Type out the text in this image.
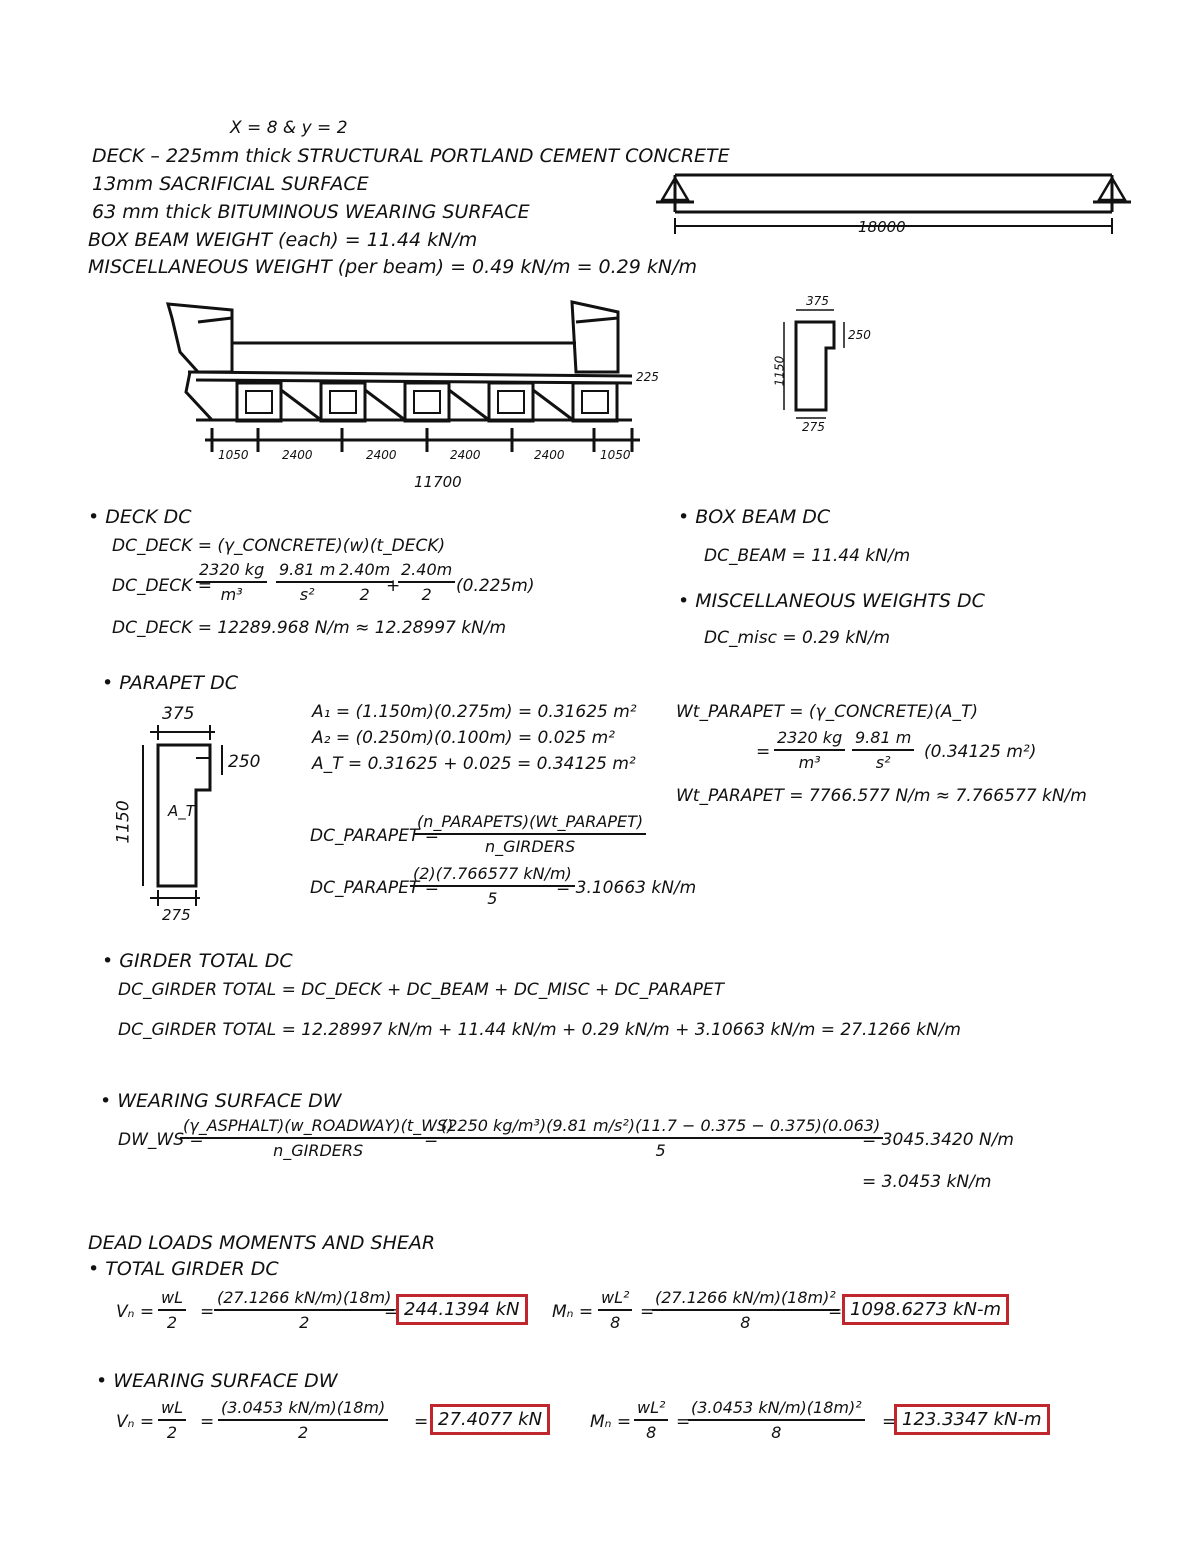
X = 8 & y = 2
DECK – 225mm thick STRUCTURAL PORTLAND CEMENT CONCRETE
13mm SACRIFICIAL SURFACE
63 mm thick BITUMINOUS WEARING SURFACE
BOX BEAM WEIGHT (each) = 11.44 kN/m
MISCELLANEOUS WEIGHT (per beam) = 0.49 kN/m = 0.29 kN/m
18000
1050	2400	2400	2400	2400	1050
11700
225
375
250
1150
275
• DECK DC
DC_DECK = (γ_CONCRETE)(w)(t_DECK)
DC_DECK =
$\frac{2320 kg}{\text{m³}} \frac{9.81 m}{\text{s²}}$
$\frac{2.40m}{2}$
+
$\frac{2.40m}{2} (0.225m)$
DC_DECK = 12289.968 N/m ≈ 12.28997 kN/m
• BOX BEAM DC
DC_BEAM = 11.44 kN/m
• MISCELLANEOUS WEIGHTS DC
DC_misc = 0.29 kN/m
• PARAPET DC
375
250
1150
275
A_T
A₁ = (1.150m)(0.275m) = 0.31625 m²
A₂ = (0.250m)(0.100m) = 0.025 m²
A_T = 0.31625 + 0.025 = 0.34125 m²
Wt_PARAPET = (γ_CONCRETE)(A_T)
= $\frac{2320 kg}{\text{m³}} \frac{9.81 m}{\text{s²}} (0.34125$ m²)
Wt_PARAPET = 7766.577 N/m ≈ 7.766577 kN/m
DC_PARAPET =
(n_PARAPETS)(Wt_PARAPET)
n_GIRDERS
DC_PARAPET =
$\frac{(2)(7.766577 kN/m)}{5}$
= 3.10663 kN/m
• GIRDER TOTAL DC
DC_GIRDER TOTAL = DC_DECK + DC_BEAM + DC_MISC + DC_PARAPET
DC_GIRDER TOTAL = 12.28997 kN/m + 11.44 kN/m + 0.29 kN/m + 3.10663 kN/m = 27.1266 kN/m
• WEARING SURFACE DW
DW_WS =
(γ_ASPHALT)(w_ROADWAY)(t_WS)
n_GIRDERS
= $\frac{\text{(2250 kg/m³)(9.81 m/s²)(11.7 − 0.375 − 0.375)(0.063)}}{5}$
= 3045.3420 N/m
= 3.0453 kN/m
DEAD LOADS MOMENTS AND SHEAR
• TOTAL GIRDER DC
$V_n = \frac{wL}{2} = \frac{(27.1266 kN/m)(18m)}{2}$
= 244.1394 kN	$M_n = \frac{\text{wL²}}{8}$ =
$\frac{\text{(27.1266 kN/m)(18m)²}}{8}$
= 1098.6273 kN-m
• WEARING SURFACE DW
$V_n = \frac{wL}{2} = \frac{(3.0453 kN/m)(18m)}{2} = 27.4077$ kN	$M_n = \frac{\text{wL²}}{8}$ =
$\frac{\text{(3.0453 kN/m)(18m)²}}{8} = 123.3347$ kN-m
